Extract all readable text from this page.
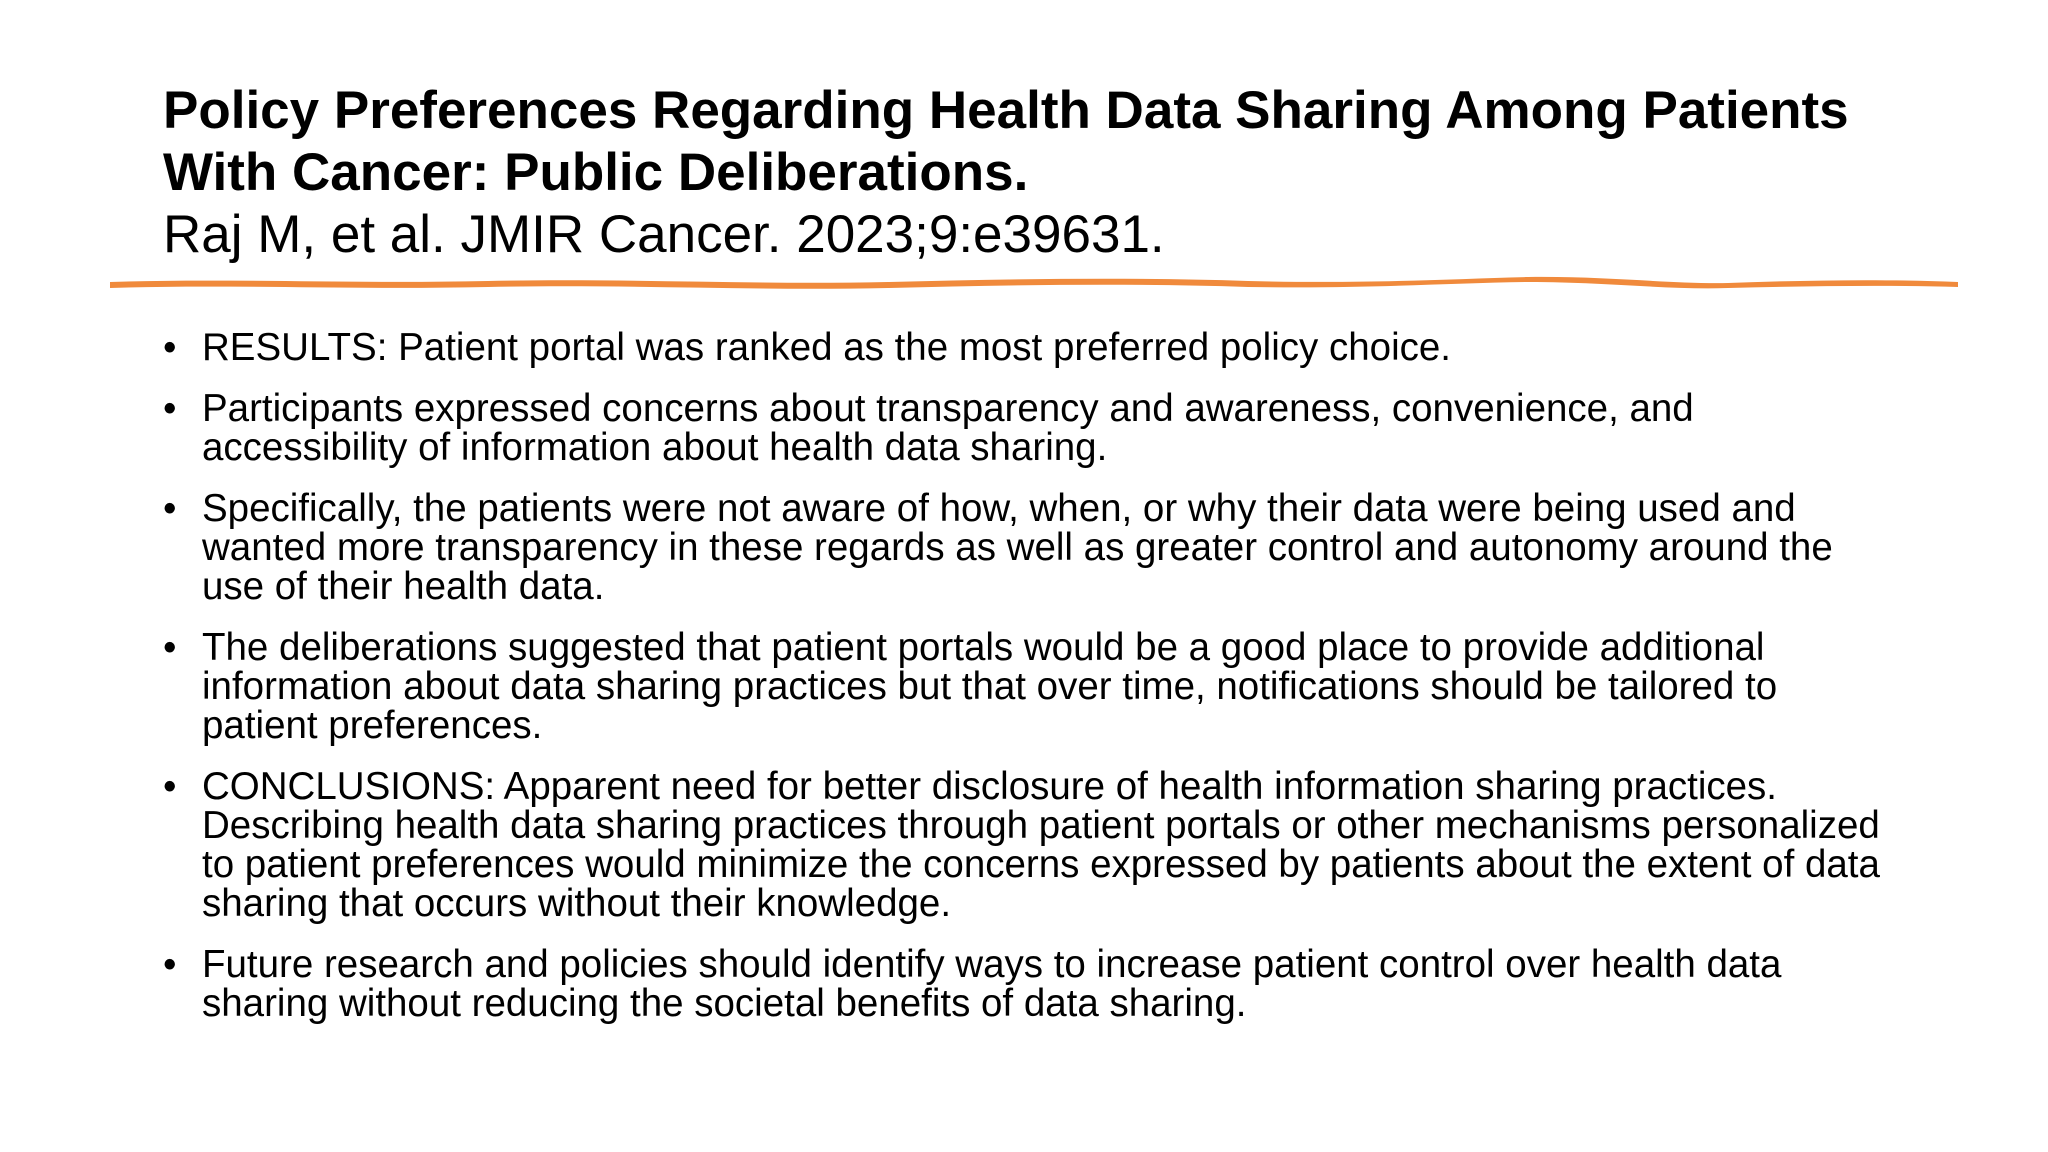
Policy Preferences Regarding Health Data Sharing Among Patients With Cancer: Public Deliberations.

Raj M, et al. JMIR Cancer. 2023;9:e39631.

• RESULTS: Patient portal was ranked as the most preferred policy choice.
• Participants expressed concerns about transparency and awareness, convenience, and accessibility of information about health data sharing.
• Specifically, the patients were not aware of how, when, or why their data were being used and wanted more transparency in these regards as well as greater control and autonomy around the use of their health data.
• The deliberations suggested that patient portals would be a good place to provide additional information about data sharing practices but that over time, notifications should be tailored to patient preferences.
• CONCLUSIONS: Apparent need for better disclosure of health information sharing practices. Describing health data sharing practices through patient portals or other mechanisms personalized to patient preferences would minimize the concerns expressed by patients about the extent of data sharing that occurs without their knowledge.
• Future research and policies should identify ways to increase patient control over health data sharing without reducing the societal benefits of data sharing.
